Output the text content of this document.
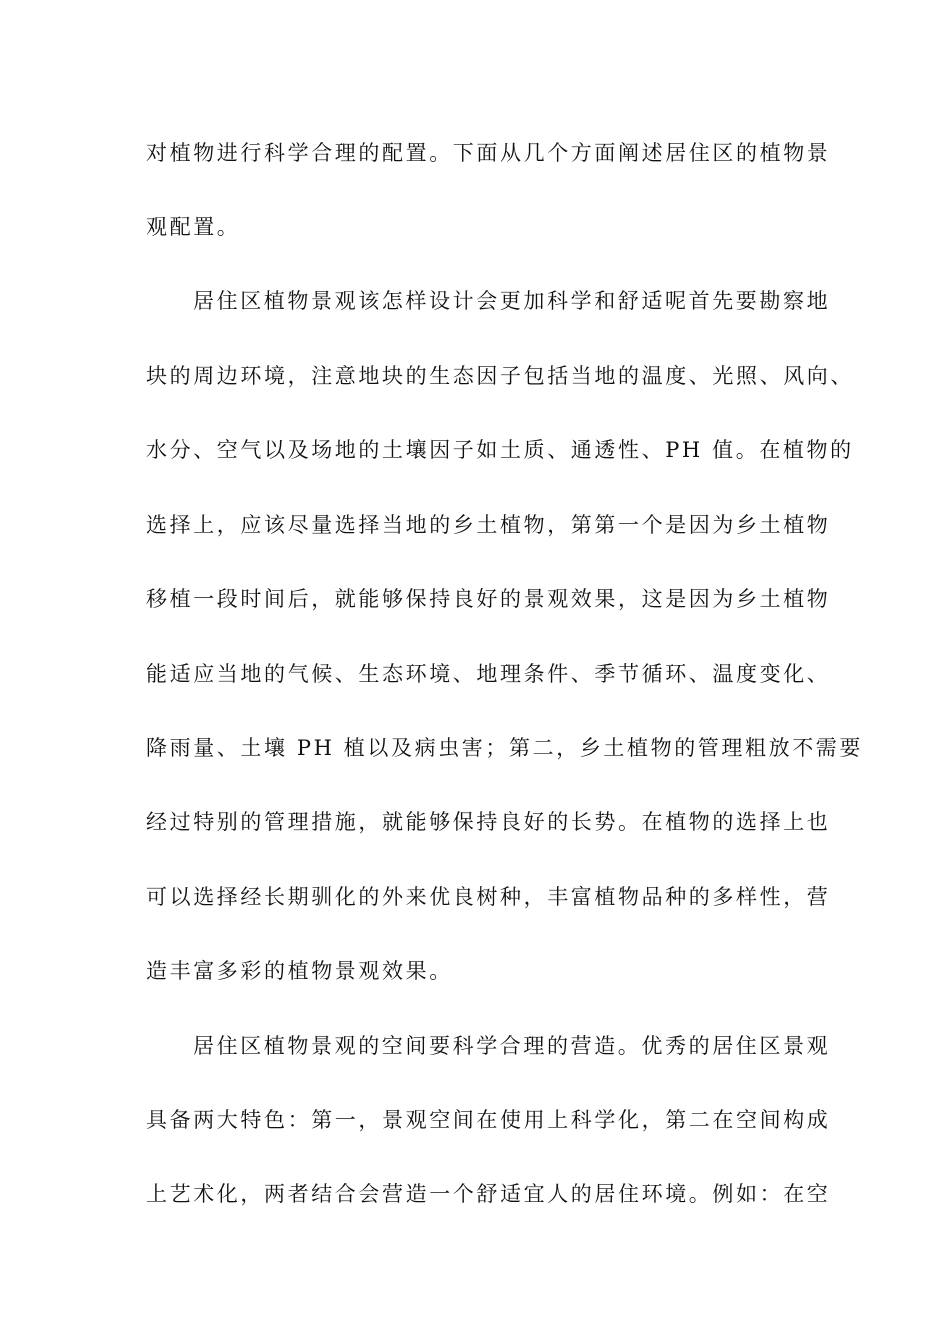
对植物进行科学合理的配置。下面从几个方面阐述居住区的植物景
观配置。
居住区植物景观该怎样设计会更加科学和舒适呢首先要勘察地
块的周边环境，注意地块的生态因子包括当地的温度、光照、风向、
水分、空气以及场地的土壤因子如土质、通透性、PH 值。在植物的
选择上，应该尽量选择当地的乡土植物，第第一个是因为乡土植物
移植一段时间后，就能够保持良好的景观效果，这是因为乡土植物
能适应当地的气候、生态环境、地理条件、季节循环、温度变化、
降雨量、土壤 PH 植以及病虫害；第二，乡土植物的管理粗放不需要
经过特别的管理措施，就能够保持良好的长势。在植物的选择上也
可以选择经长期驯化的外来优良树种，丰富植物品种的多样性，营
造丰富多彩的植物景观效果。
居住区植物景观的空间要科学合理的营造。优秀的居住区景观
具备两大特色：第一，景观空间在使用上科学化，第二在空间构成
上艺术化，两者结合会营造一个舒适宜人的居住环境。例如：在空
